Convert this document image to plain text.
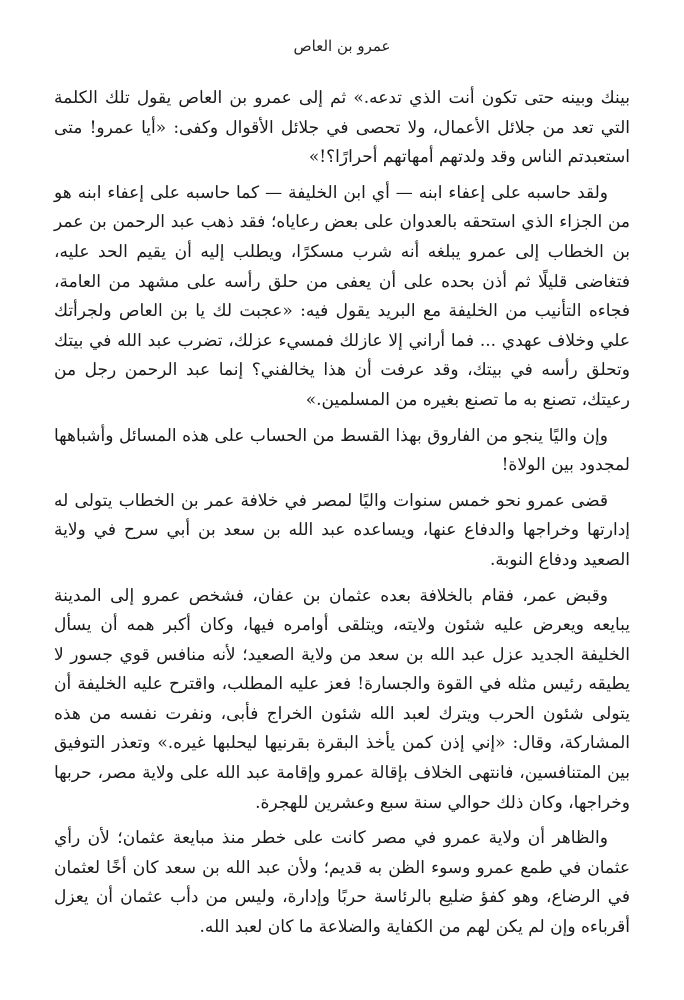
عمرو بن العاص

بينك وبينه حتى تكون أنت الذي تدعه.» ثم إلى عمرو بن العاص يقول تلك الكلمة التي تعد من جلائل الأعمال، ولا تحصى في جلائل الأقوال وكفى: «أيا عمرو! متى استعبدتم الناس وقد ولدتهم أمهاتهم أحرارًا؟!»

ولقد حاسبه على إعفاء ابنه — أي ابن الخليفة — كما حاسبه على إعفاء ابنه هو من الجزاء الذي استحقه بالعدوان على بعض رعاياه؛ فقد ذهب عبد الرحمن بن عمر بن الخطاب إلى عمرو يبلغه أنه شرب مسكرًا، ويطلب إليه أن يقيم الحد عليه، فتغاضى قليلًا ثم أذن بحده على أن يعفى من حلق رأسه على مشهد من العامة، فجاءه التأنيب من الخليفة مع البريد يقول فيه: «عجبت لك يا بن العاص ولجرأتك علي وخلاف عهدي ... فما أراني إلا عازلك فمسيء عزلك، تضرب عبد الله في بيتك وتحلق رأسه في بيتك، وقد عرفت أن هذا يخالفني؟ إنما عبد الرحمن رجل من رعيتك، تصنع به ما تصنع بغيره من المسلمين.»

وإن واليًا ينجو من الفاروق بهذا القسط من الحساب على هذه المسائل وأشباهها لمجدود بين الولاة!

قضى عمرو نحو خمس سنوات واليًا لمصر في خلافة عمر بن الخطاب يتولى له إدارتها وخراجها والدفاع عنها، ويساعده عبد الله بن سعد بن أبي سرح في ولاية الصعيد ودفاع النوبة.

وقبض عمر، فقام بالخلافة بعده عثمان بن عفان، فشخص عمرو إلى المدينة يبايعه ويعرض عليه شئون ولايته، ويتلقى أوامره فيها، وكان أكبر همه أن يسأل الخليفة الجديد عزل عبد الله بن سعد من ولاية الصعيد؛ لأنه منافس قوي جسور لا يطيقه رئيس مثله في القوة والجسارة! فعز عليه المطلب، واقترح عليه الخليفة أن يتولى شئون الحرب ويترك لعبد الله شئون الخراج فأبى، ونفرت نفسه من هذه المشاركة، وقال: «إني إذن كمن يأخذ البقرة بقرنيها ليحلبها غيره.» وتعذر التوفيق بين المتنافسين، فانتهى الخلاف بإقالة عمرو وإقامة عبد الله على ولاية مصر، حربها وخراجها، وكان ذلك حوالي سنة سبع وعشرين للهجرة.

والظاهر أن ولاية عمرو في مصر كانت على خطر منذ مبايعة عثمان؛ لأن رأي عثمان في طمع عمرو وسوء الظن به قديم؛ ولأن عبد الله بن سعد كان أخًا لعثمان في الرضاع، وهو كفؤ ضليع بالرئاسة حربًا وإدارة، وليس من دأب عثمان أن يعزل أقرباءه وإن لم يكن لهم من الكفاية والضلاعة ما كان لعبد الله.
